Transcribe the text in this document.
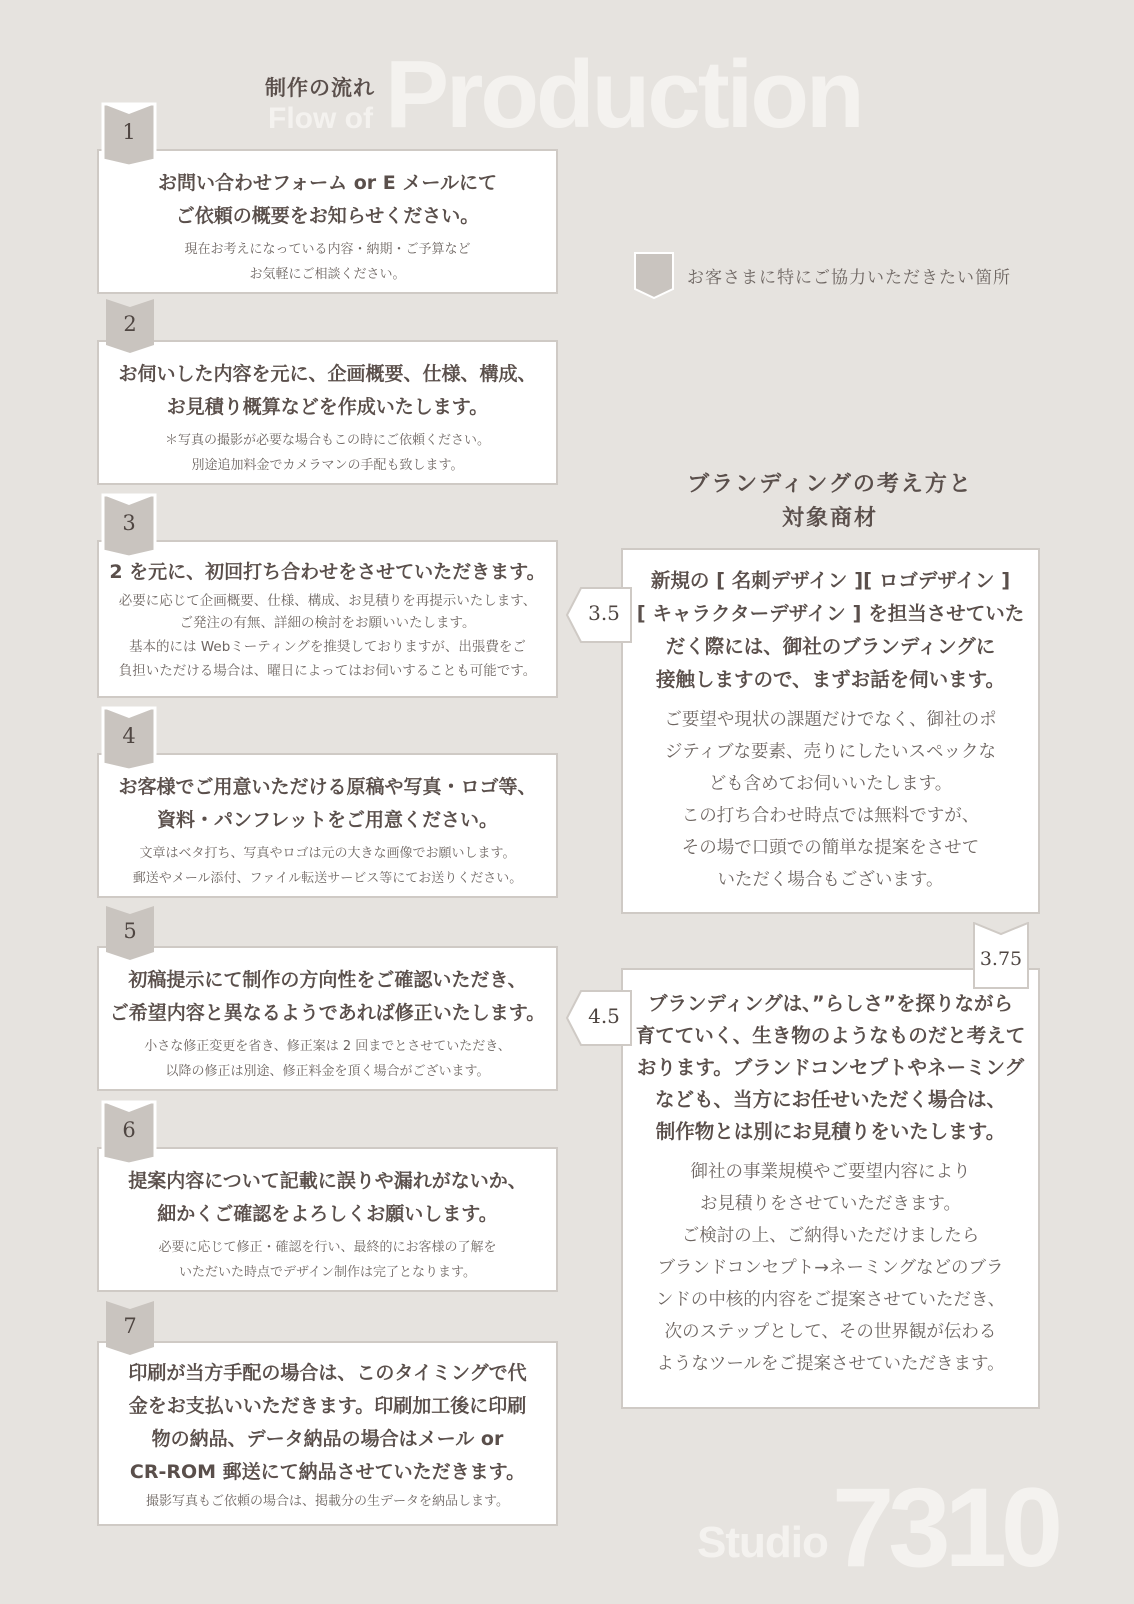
Production
Flow of
制作の流れ
お客さまに特にご協力いただきたい箇所
お問い合わせフォーム or E メールにて
ご依頼の概要をお知らせください。
現在お考えになっている内容・納期・ご予算など
お気軽にご相談ください。
1
お伺いした内容を元に、企画概要、仕様、構成、
お見積り概算などを作成いたします。
＊写真の撮影が必要な場合もこの時にご依頼ください。
別途追加料金でカメラマンの手配も致します。
2
2 を元に、初回打ち合わせをさせていただきます。
必要に応じて企画概要、仕様、構成、お見積りを再提示いたします、
ご発注の有無、詳細の検討をお願いいたします。
基本的には Webミーティングを推奨しておりますが、出張費をご
負担いただける場合は、曜日によってはお伺いすることも可能です。
3
お客様でご用意いただける原稿や写真・ロゴ等、
資料・パンフレットをご用意ください。
文章はベタ打ち、写真やロゴは元の大きな画像でお願いします。
郵送やメール添付、ファイル転送サービス等にてお送りください。
4
初稿提示にて制作の方向性をご確認いただき、
ご希望内容と異なるようであれば修正いたします。
小さな修正変更を省き、修正案は 2 回までとさせていただき、
以降の修正は別途、修正料金を頂く場合がございます。
5
提案内容について記載に誤りや漏れがないか、
細かくご確認をよろしくお願いします。
必要に応じて修正・確認を行い、最終的にお客様の了解を
いただいた時点でデザイン制作は完了となります。
6
印刷が当方手配の場合は、このタイミングで代
金をお支払いいただきます。印刷加工後に印刷
物の納品、データ納品の場合はメール or
CR-ROM 郵送にて納品させていただきます。
撮影写真もご依頼の場合は、掲載分の生データを納品します。
7
ブランディングの考え方と
対象商材
新規の [ 名刺デザイン ][ ロゴデザイン ]
[ キャラクターデザイン ] を担当させていた
だく際には、御社のブランディングに
接触しますので、まずお話を伺います。
ご要望や現状の課題だけでなく、御社のポ
ジティブな要素、売りにしたいスペックな
ども含めてお伺いいたします。
この打ち合わせ時点では無料ですが、
その場で口頭での簡単な提案をさせて
いただく場合もございます。
3.5
ブランディングは、”らしさ”を探りながら
育てていく、生き物のようなものだと考えて
おります。ブランドコンセプトやネーミング
なども、当方にお任せいただく場合は、
制作物とは別にお見積りをいたします。
御社の事業規模やご要望内容により
お見積りをさせていただきます。
ご検討の上、ご納得いただけましたら
ブランドコンセプト→ネーミングなどのブラ
ンドの中核的内容をご提案させていただき、
次のステップとして、その世界観が伝わる
ようなツールをご提案させていただきます。
4.5
3.75
Studio 7310
